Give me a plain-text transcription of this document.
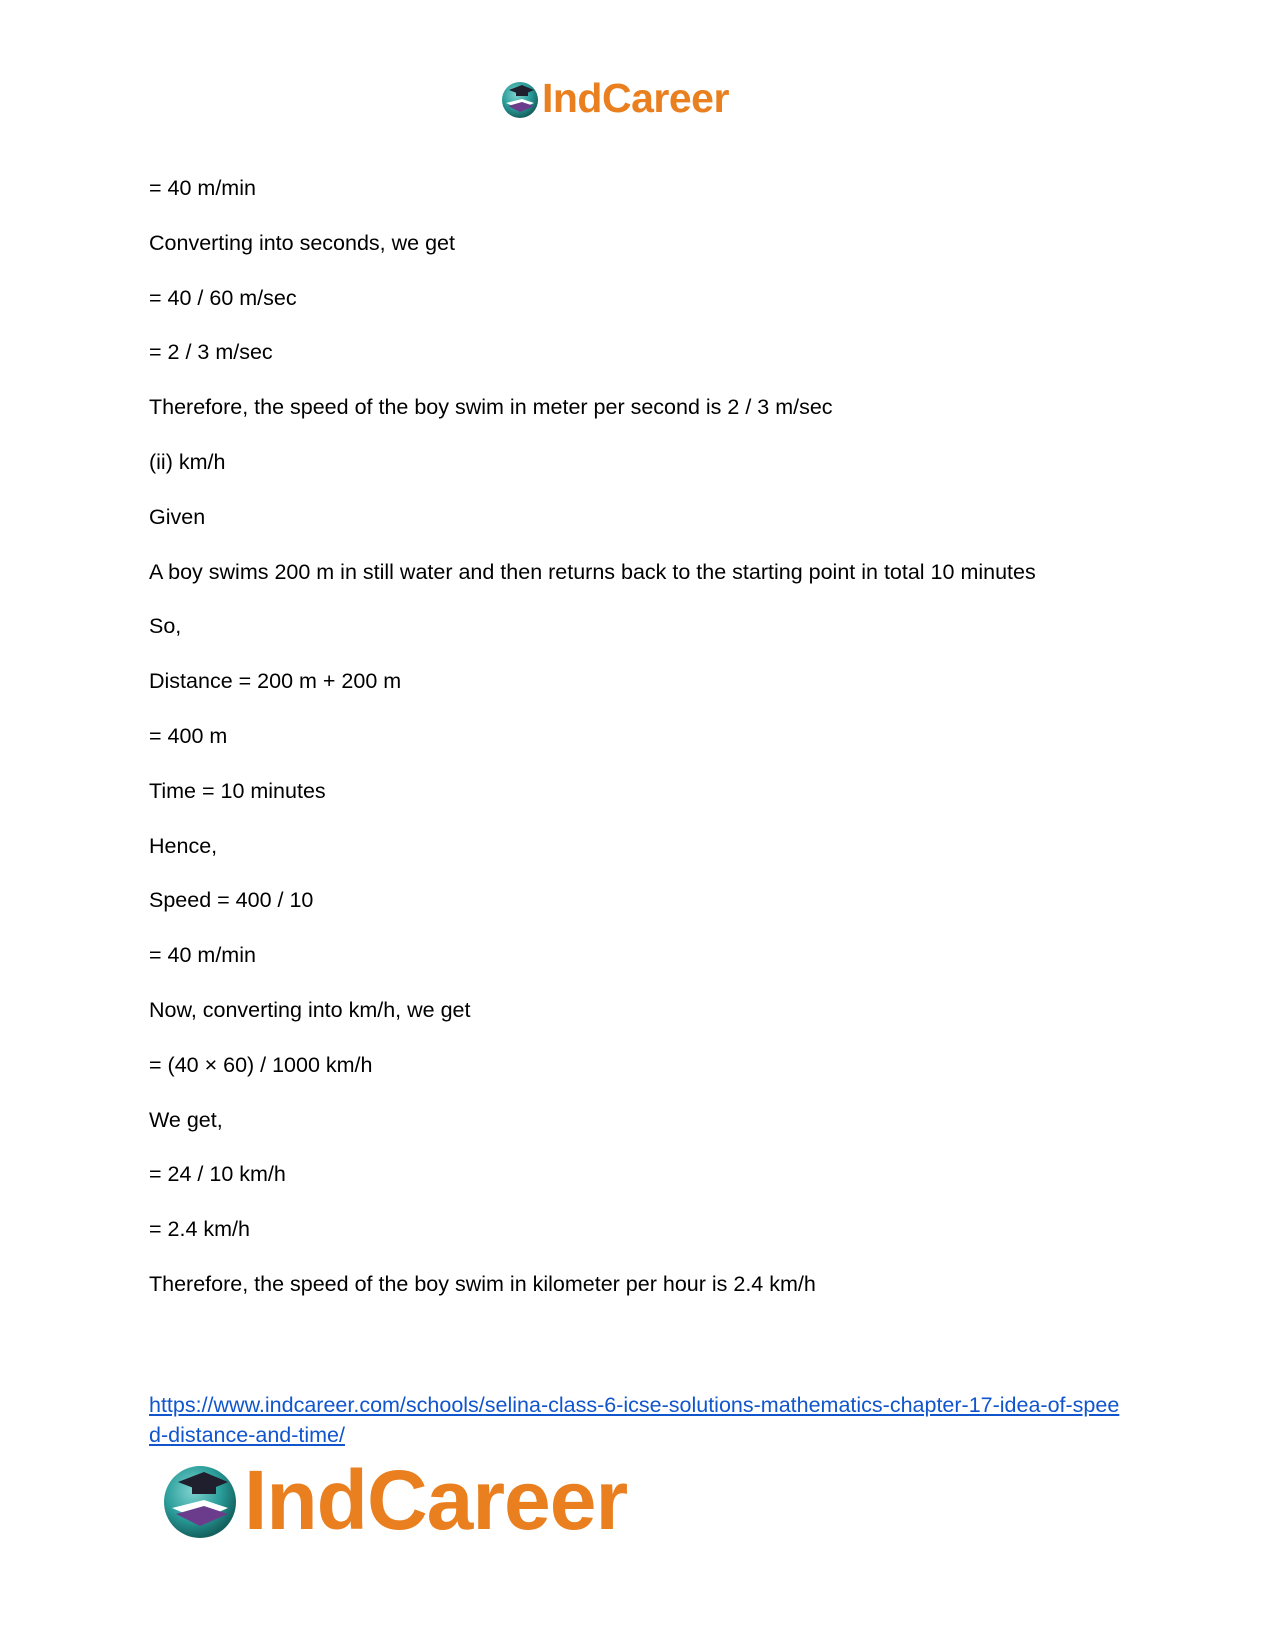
IndCareer
= 40 m/min
Converting into seconds, we get
= 40 / 60 m/sec
= 2 / 3 m/sec
Therefore, the speed of the boy swim in meter per second is 2 / 3 m/sec
(ii) km/h
Given
A boy swims 200 m in still water and then returns back to the starting point in total 10 minutes
So,
Distance = 200 m + 200 m
= 400 m
Time = 10 minutes
Hence,
Speed = 400 / 10
= 40 m/min
Now, converting into km/h, we get
= (40 × 60) / 1000 km/h
We get,
= 24 / 10 km/h
= 2.4 km/h
Therefore, the speed of the boy swim in kilometer per hour is 2.4 km/h
https://www.indcareer.com/schools/selina-class-6-icse-solutions-mathematics-chapter-17-idea-of-speed-distance-and-time/
IndCareer
